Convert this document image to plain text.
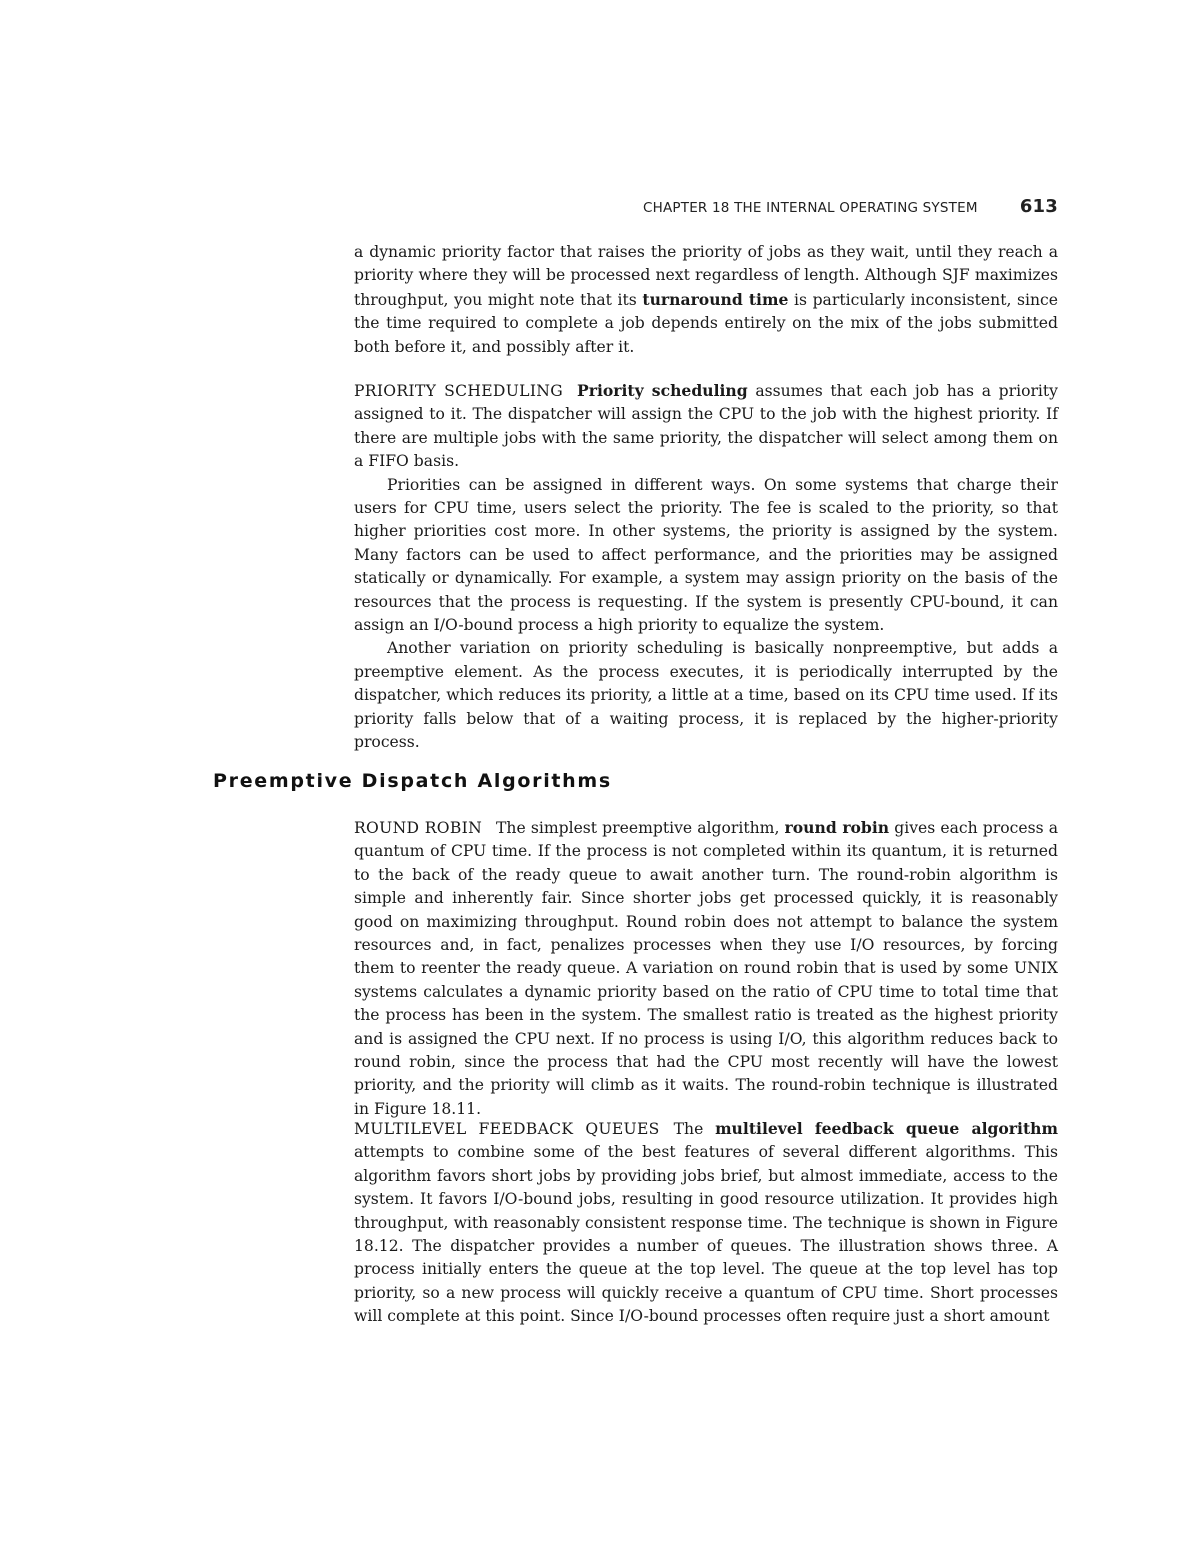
CHAPTER 18 THE INTERNAL OPERATING SYSTEM 613

a dynamic priority factor that raises the priority of jobs as they wait, until they reach a priority where they will be processed next regardless of length. Although SJF maximizes throughput, you might note that its turnaround time is particularly inconsistent, since the time required to complete a job depends entirely on the mix of the jobs submitted both before it, and possibly after it.

PRIORITY SCHEDULING Priority scheduling assumes that each job has a priority assigned to it. The dispatcher will assign the CPU to the job with the highest priority. If there are multiple jobs with the same priority, the dispatcher will select among them on a FIFO basis.

Priorities can be assigned in different ways. On some systems that charge their users for CPU time, users select the priority. The fee is scaled to the priority, so that higher priorities cost more. In other systems, the priority is assigned by the system. Many factors can be used to affect performance, and the priorities may be assigned statically or dynamically. For example, a system may assign priority on the basis of the resources that the process is requesting. If the system is presently CPU-bound, it can assign an I/O-bound process a high priority to equalize the system.

Another variation on priority scheduling is basically nonpreemptive, but adds a preemptive element. As the process executes, it is periodically interrupted by the dispatcher, which reduces its priority, a little at a time, based on its CPU time used. If its priority falls below that of a waiting process, it is replaced by the higher-priority process.

Preemptive Dispatch Algorithms

ROUND ROBIN The simplest preemptive algorithm, round robin gives each process a quantum of CPU time. If the process is not completed within its quantum, it is returned to the back of the ready queue to await another turn. The round-robin algorithm is simple and inherently fair. Since shorter jobs get processed quickly, it is reasonably good on maximizing throughput. Round robin does not attempt to balance the system resources and, in fact, penalizes processes when they use I/O resources, by forcing them to reenter the ready queue. A variation on round robin that is used by some UNIX systems calculates a dynamic priority based on the ratio of CPU time to total time that the process has been in the system. The smallest ratio is treated as the highest priority and is assigned the CPU next. If no process is using I/O, this algorithm reduces back to round robin, since the process that had the CPU most recently will have the lowest priority, and the priority will climb as it waits. The round-robin technique is illustrated in Figure 18.11.

MULTILEVEL FEEDBACK QUEUES The multilevel feedback queue algorithm attempts to combine some of the best features of several different algorithms. This algorithm favors short jobs by providing jobs brief, but almost immediate, access to the system. It favors I/O-bound jobs, resulting in good resource utilization. It provides high throughput, with reasonably consistent response time. The technique is shown in Figure 18.12. The dispatcher provides a number of queues. The illustration shows three. A process initially enters the queue at the top level. The queue at the top level has top priority, so a new process will quickly receive a quantum of CPU time. Short processes will complete at this point. Since I/O-bound processes often require just a short amount
